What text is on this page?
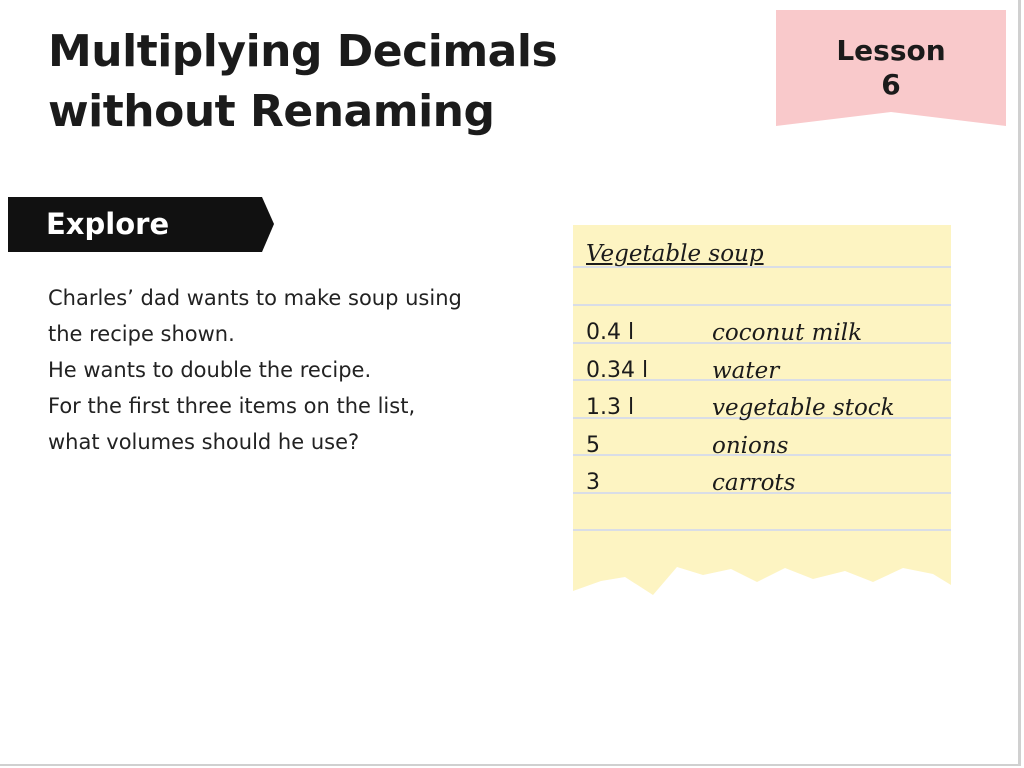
Multiplying Decimals
without Renaming
Lesson
6
Explore
Charles’ dad wants to make soup using
the recipe shown.
He wants to double the recipe.
For the first three items on the list,
what volumes should he use?
Vegetable soup
0.4 l	coconut milk
0.34 l	water
1.3 l	vegetable stock
5	onions
3	carrots
